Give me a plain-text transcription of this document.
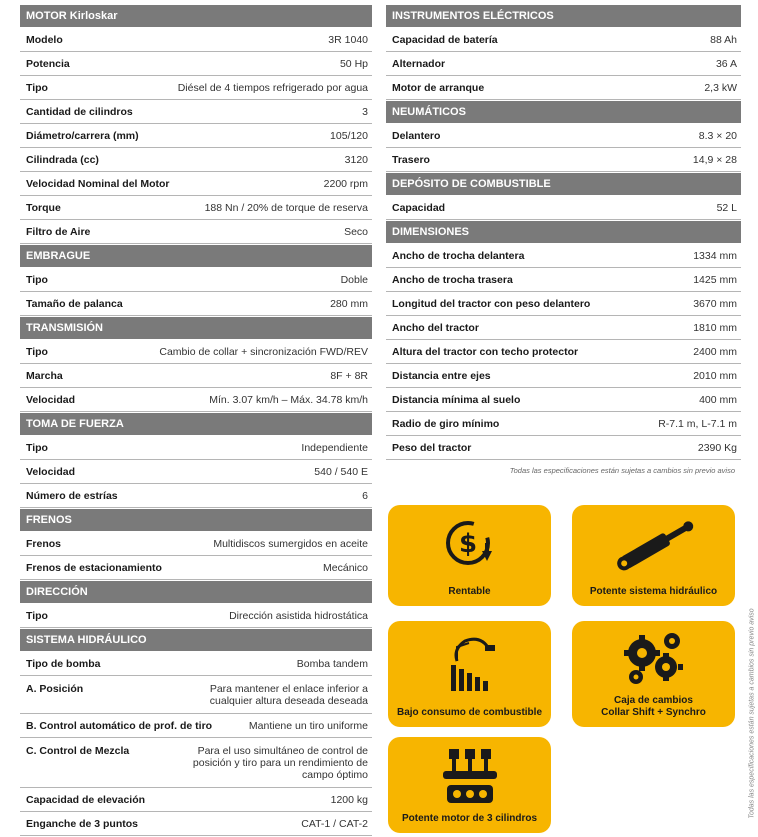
MOTOR Kirloskar
Modelo	3R 1040
Potencia	50 Hp
Tipo	Diésel de 4 tiempos refrigerado por agua
Cantidad de cilindros	3
Diámetro/carrera (mm)	105/120
Cilindrada (cc)	3120
Velocidad Nominal del Motor	2200 rpm
Torque	188 Nn / 20% de torque de reserva
Filtro de Aire	Seco
EMBRAGUE
Tipo	Doble
Tamaño de palanca	280 mm
TRANSMISIÓN
Tipo	Cambio de collar + sincronización FWD/REV
Marcha	8F + 8R
Velocidad	Mín. 3.07 km/h – Máx. 34.78 km/h
TOMA DE FUERZA
Tipo	Independiente
Velocidad	540 / 540 E
Número de estrías	6
FRENOS
Frenos	Multidiscos sumergidos en aceite
Frenos de estacionamiento	Mecánico
DIRECCIÓN
Tipo	Dirección asistida hidrostática
SISTEMA HIDRÁULICO
Tipo de bomba	Bomba tandem
A. Posición	Para mantener el enlace inferior a cualquier altura deseada deseada
B. Control automático de prof. de tiro	Mantiene un tiro uniforme
C. Control de Mezcla	Para el uso simultáneo de control de posición y tiro para un rendimiento de campo óptimo
Capacidad de elevación	1200 kg
Enganche de 3 puntos	CAT-1 / CAT-2
INSTRUMENTOS ELÉCTRICOS
Capacidad de batería	88 Ah
Alternador	36 A
Motor de arranque	2,3 kW
NEUMÁTICOS
Delantero	8.3 × 20
Trasero	14,9 × 28
DEPÓSITO DE COMBUSTIBLE
Capacidad	52 L
DIMENSIONES
Ancho de trocha delantera	1334 mm
Ancho de trocha trasera	1425 mm
Longitud del tractor con peso delantero	3670 mm
Ancho del tractor	1810 mm
Altura del tractor con techo protector	2400 mm
Distancia entre ejes	2010 mm
Distancia mínima al suelo	400 mm
Radio de giro mínimo	R-7.1 m, L-7.1 m
Peso del tractor	2390 Kg
Todas las especificaciones están sujetas a cambios sin previo aviso
$
Rentable	Potente sistema hidráulico
Bajo consumo de combustible
Caja de cambios
Collar Shift + Synchro
Potente motor de 3 cilindros	Todas las especificaciones están sujetas a cambios sin previo aviso
